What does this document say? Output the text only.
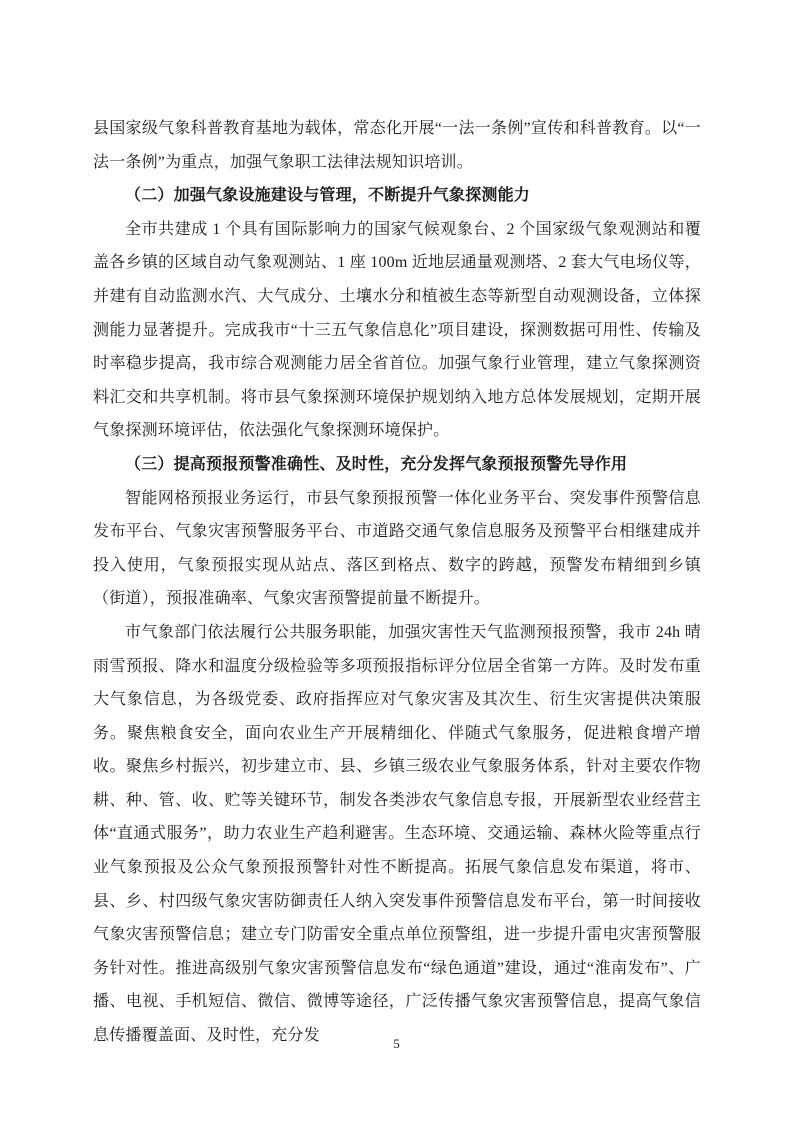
县国家级气象科普教育基地为载体，常态化开展“一法一条例”宣传和科普教育。以“一法一条例”为重点，加强气象职工法律法规知识培训。

（二）加强气象设施建设与管理，不断提升气象探测能力

全市共建成 1 个具有国际影响力的国家气候观象台、2 个国家级气象观测站和覆盖各乡镇的区域自动气象观测站、1 座 100m 近地层通量观测塔、2 套大气电场仪等，并建有自动监测水汽、大气成分、土壤水分和植被生态等新型自动观测设备，立体探测能力显著提升。完成我市“十三五气象信息化”项目建设，探测数据可用性、传输及时率稳步提高，我市综合观测能力居全省首位。加强气象行业管理，建立气象探测资料汇交和共享机制。将市县气象探测环境保护规划纳入地方总体发展规划，定期开展气象探测环境评估，依法强化气象探测环境保护。

（三）提高预报预警准确性、及时性，充分发挥气象预报预警先导作用

智能网格预报业务运行，市县气象预报预警一体化业务平台、突发事件预警信息发布平台、气象灾害预警服务平台、市道路交通气象信息服务及预警平台相继建成并投入使用，气象预报实现从站点、落区到格点、数字的跨越，预警发布精细到乡镇（街道），预报准确率、气象灾害预警提前量不断提升。

市气象部门依法履行公共服务职能，加强灾害性天气监测预报预警，我市 24h 晴雨雪预报、降水和温度分级检验等多项预报指标评分位居全省第一方阵。及时发布重大气象信息，为各级党委、政府指挥应对气象灾害及其次生、衍生灾害提供决策服务。聚焦粮食安全，面向农业生产开展精细化、伴随式气象服务，促进粮食增产增收。聚焦乡村振兴，初步建立市、县、乡镇三级农业气象服务体系，针对主要农作物耕、种、管、收、贮等关键环节，制发各类涉农气象信息专报，开展新型农业经营主体“直通式服务”，助力农业生产趋利避害。生态环境、交通运输、森林火险等重点行业气象预报及公众气象预报预警针对性不断提高。拓展气象信息发布渠道，将市、县、乡、村四级气象灾害防御责任人纳入突发事件预警信息发布平台，第一时间接收气象灾害预警信息；建立专门防雷安全重点单位预警组，进一步提升雷电灾害预警服务针对性。推进高级别气象灾害预警信息发布“绿色通道”建设，通过“淮南发布”、广播、电视、手机短信、微信、微博等途径，广泛传播气象灾害预警信息，提高气象信息传播覆盖面、及时性，充分发	5
